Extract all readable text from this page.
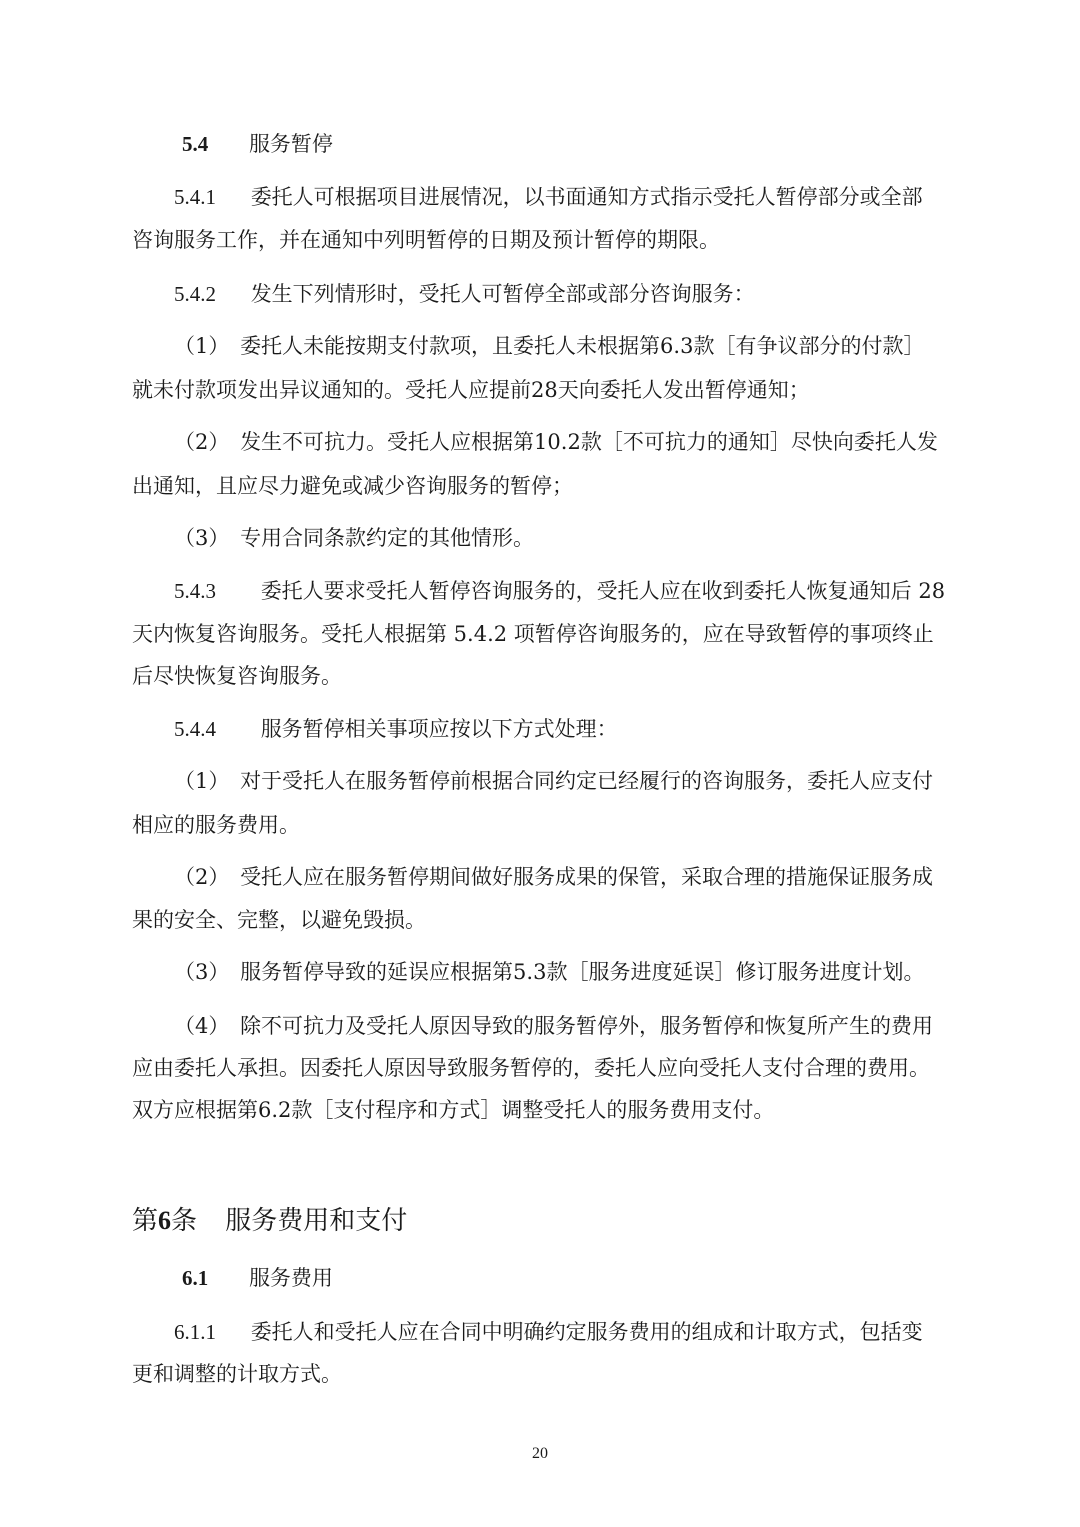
5.4 服务暂停
5.4.1 委托人可根据项目进展情况，以书面通知方式指示受托人暂停部分或全部
咨询服务工作，并在通知中列明暂停的日期及预计暂停的期限。
5.4.2 发生下列情形时，受托人可暂停全部或部分咨询服务：
（1） 委托人未能按期支付款项，且委托人未根据第6.3款［有争议部分的付款］
就未付款项发出异议通知的。受托人应提前28天向委托人发出暂停通知；
（2） 发生不可抗力。受托人应根据第10.2款［不可抗力的通知］尽快向委托人发
出通知，且应尽力避免或减少咨询服务的暂停；
（3） 专用合同条款约定的其他情形。
5.4.3 委托人要求受托人暂停咨询服务的，受托人应在收到委托人恢复通知后 28
天内恢复咨询服务。受托人根据第 5.4.2 项暂停咨询服务的，应在导致暂停的事项终止
后尽快恢复咨询服务。
5.4.4 服务暂停相关事项应按以下方式处理：
（1） 对于受托人在服务暂停前根据合同约定已经履行的咨询服务，委托人应支付
相应的服务费用。
（2） 受托人应在服务暂停期间做好服务成果的保管，采取合理的措施保证服务成
果的安全、完整，以避免毁损。
（3） 服务暂停导致的延误应根据第5.3款［服务进度延误］修订服务进度计划。
（4） 除不可抗力及受托人原因导致的服务暂停外，服务暂停和恢复所产生的费用
应由委托人承担。因委托人原因导致服务暂停的，委托人应向受托人支付合理的费用。
双方应根据第6.2款［支付程序和方式］调整受托人的服务费用支付。
第6条 服务费用和支付
6.1 服务费用
6.1.1 委托人和受托人应在合同中明确约定服务费用的组成和计取方式，包括变
更和调整的计取方式。
20
